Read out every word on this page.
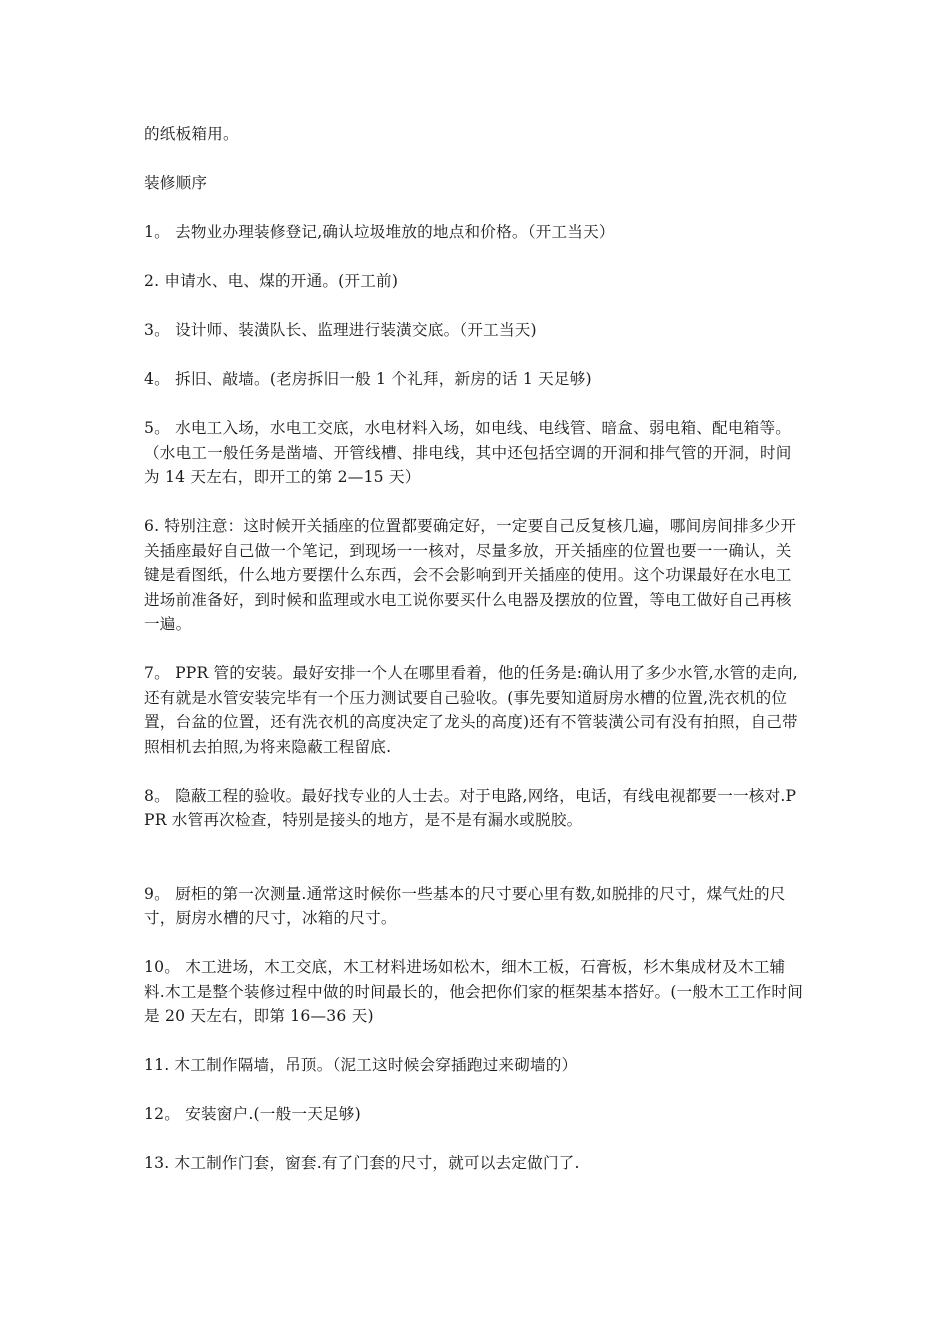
的纸板箱用。

装修顺序

1。 去物业办理装修登记,确认垃圾堆放的地点和价格。（开工当天）

2. 申请水、电、煤的开通。(开工前)

3。 设计师、装潢队长、监理进行装潢交底。（开工当天)

4。 拆旧、敲墙。(老房拆旧一般 1 个礼拜，新房的话 1 天足够)

5。 水电工入场，水电工交底，水电材料入场，如电线、电线管、暗盒、弱电箱、配电箱等。（水电工一般任务是凿墙、开管线槽、排电线，其中还包括空调的开洞和排气管的开洞，时间为 14 天左右，即开工的第 2—15 天）

6. 特别注意：这时候开关插座的位置都要确定好，一定要自己反复核几遍，哪间房间排多少开关插座最好自己做一个笔记，到现场一一核对，尽量多放，开关插座的位置也要一一确认，关键是看图纸，什么地方要摆什么东西，会不会影响到开关插座的使用。这个功课最好在水电工进场前准备好，到时候和监理或水电工说你要买什么电器及摆放的位置，等电工做好自己再核一遍。

7。 PPR 管的安装。最好安排一个人在哪里看着，他的任务是:确认用了多少水管,水管的走向,还有就是水管安装完毕有一个压力测试要自己验收。(事先要知道厨房水槽的位置,洗衣机的位置，台盆的位置，还有洗衣机的高度决定了龙头的高度)还有不管装潢公司有没有拍照，自己带照相机去拍照,为将来隐蔽工程留底.

8。 隐蔽工程的验收。最好找专业的人士去。对于电路,网络，电话，有线电视都要一一核对.PPR 水管再次检查，特别是接头的地方，是不是有漏水或脱胶。

9。 厨柜的第一次测量.通常这时候你一些基本的尺寸要心里有数,如脱排的尺寸，煤气灶的尺寸，厨房水槽的尺寸，冰箱的尺寸。

10。 木工进场，木工交底，木工材料进场如松木，细木工板，石膏板，杉木集成材及木工辅料.木工是整个装修过程中做的时间最长的，他会把你们家的框架基本搭好。(一般木工工作时间是 20 天左右，即第 16—36 天)

11. 木工制作隔墙，吊顶。（泥工这时候会穿插跑过来砌墙的）

12。 安装窗户.(一般一天足够)

13. 木工制作门套，窗套.有了门套的尺寸，就可以去定做门了.
